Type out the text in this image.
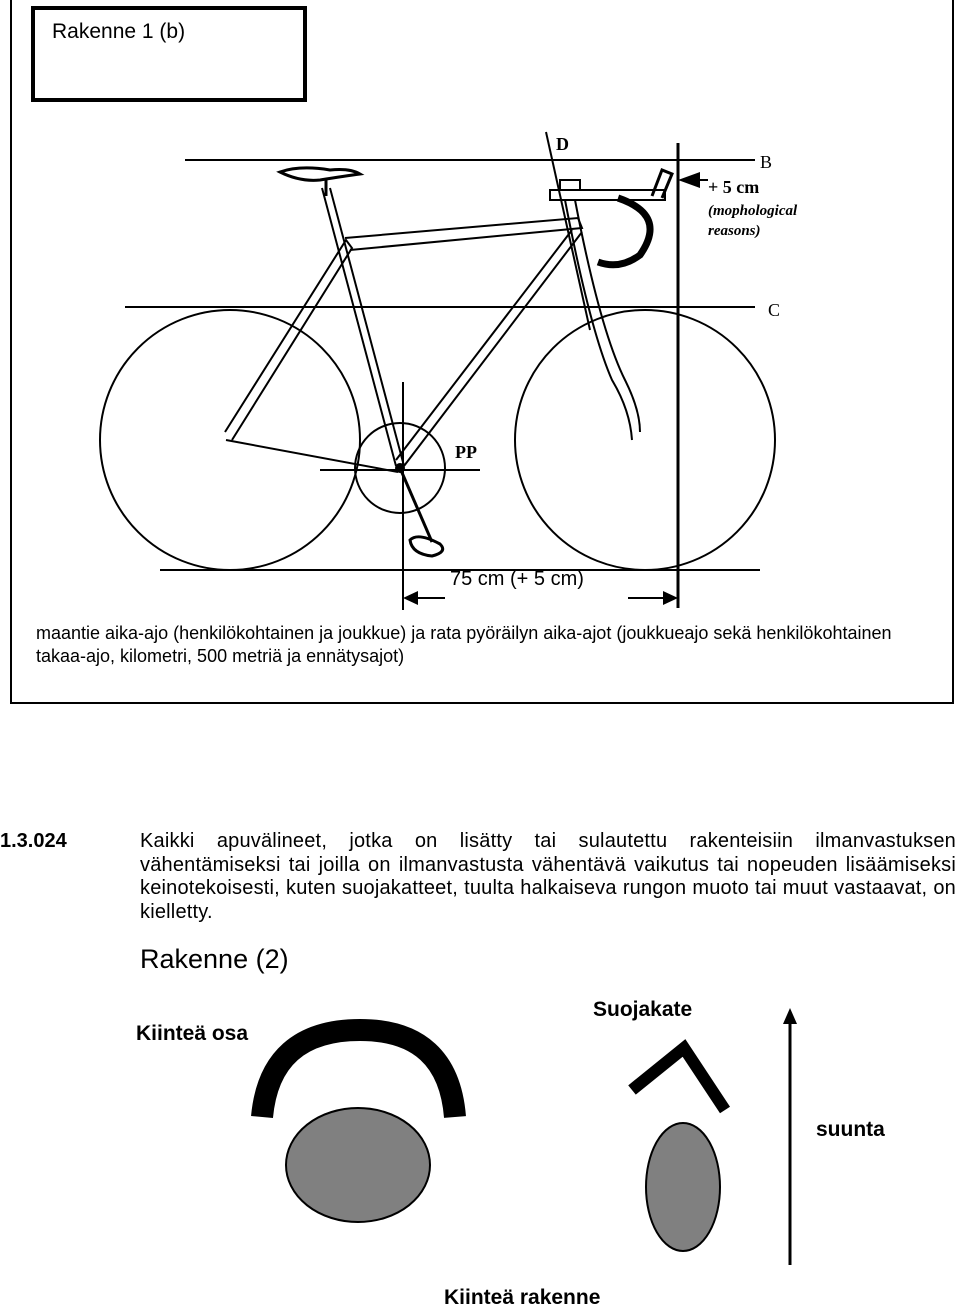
Rakenne 1 (b)
D
B
+ 5 cm
(mophological
reasons)
C
PP
75 cm (+ 5 cm)
maantie aika-ajo (henkilökohtainen ja joukkue) ja rata pyöräilyn aika-ajot (joukkueajo sekä henkilökohtainen takaa-ajo, kilometri, 500 metriä ja ennätysajot)
1.3.024	Kaikki apuvälineet, jotka on lisätty tai sulautettu rakenteisiin ilmanvastuksen vähentämiseksi tai joilla on ilmanvastusta vähentävä vaikutus tai nopeuden lisäämiseksi keinotekoisesti, kuten suojakatteet, tuulta halkaiseva rungon muoto tai muut vastaavat, on kielletty.
Rakenne (2)
Kiinteä osa
Suojakate
suunta
Kiinteä rakenne
